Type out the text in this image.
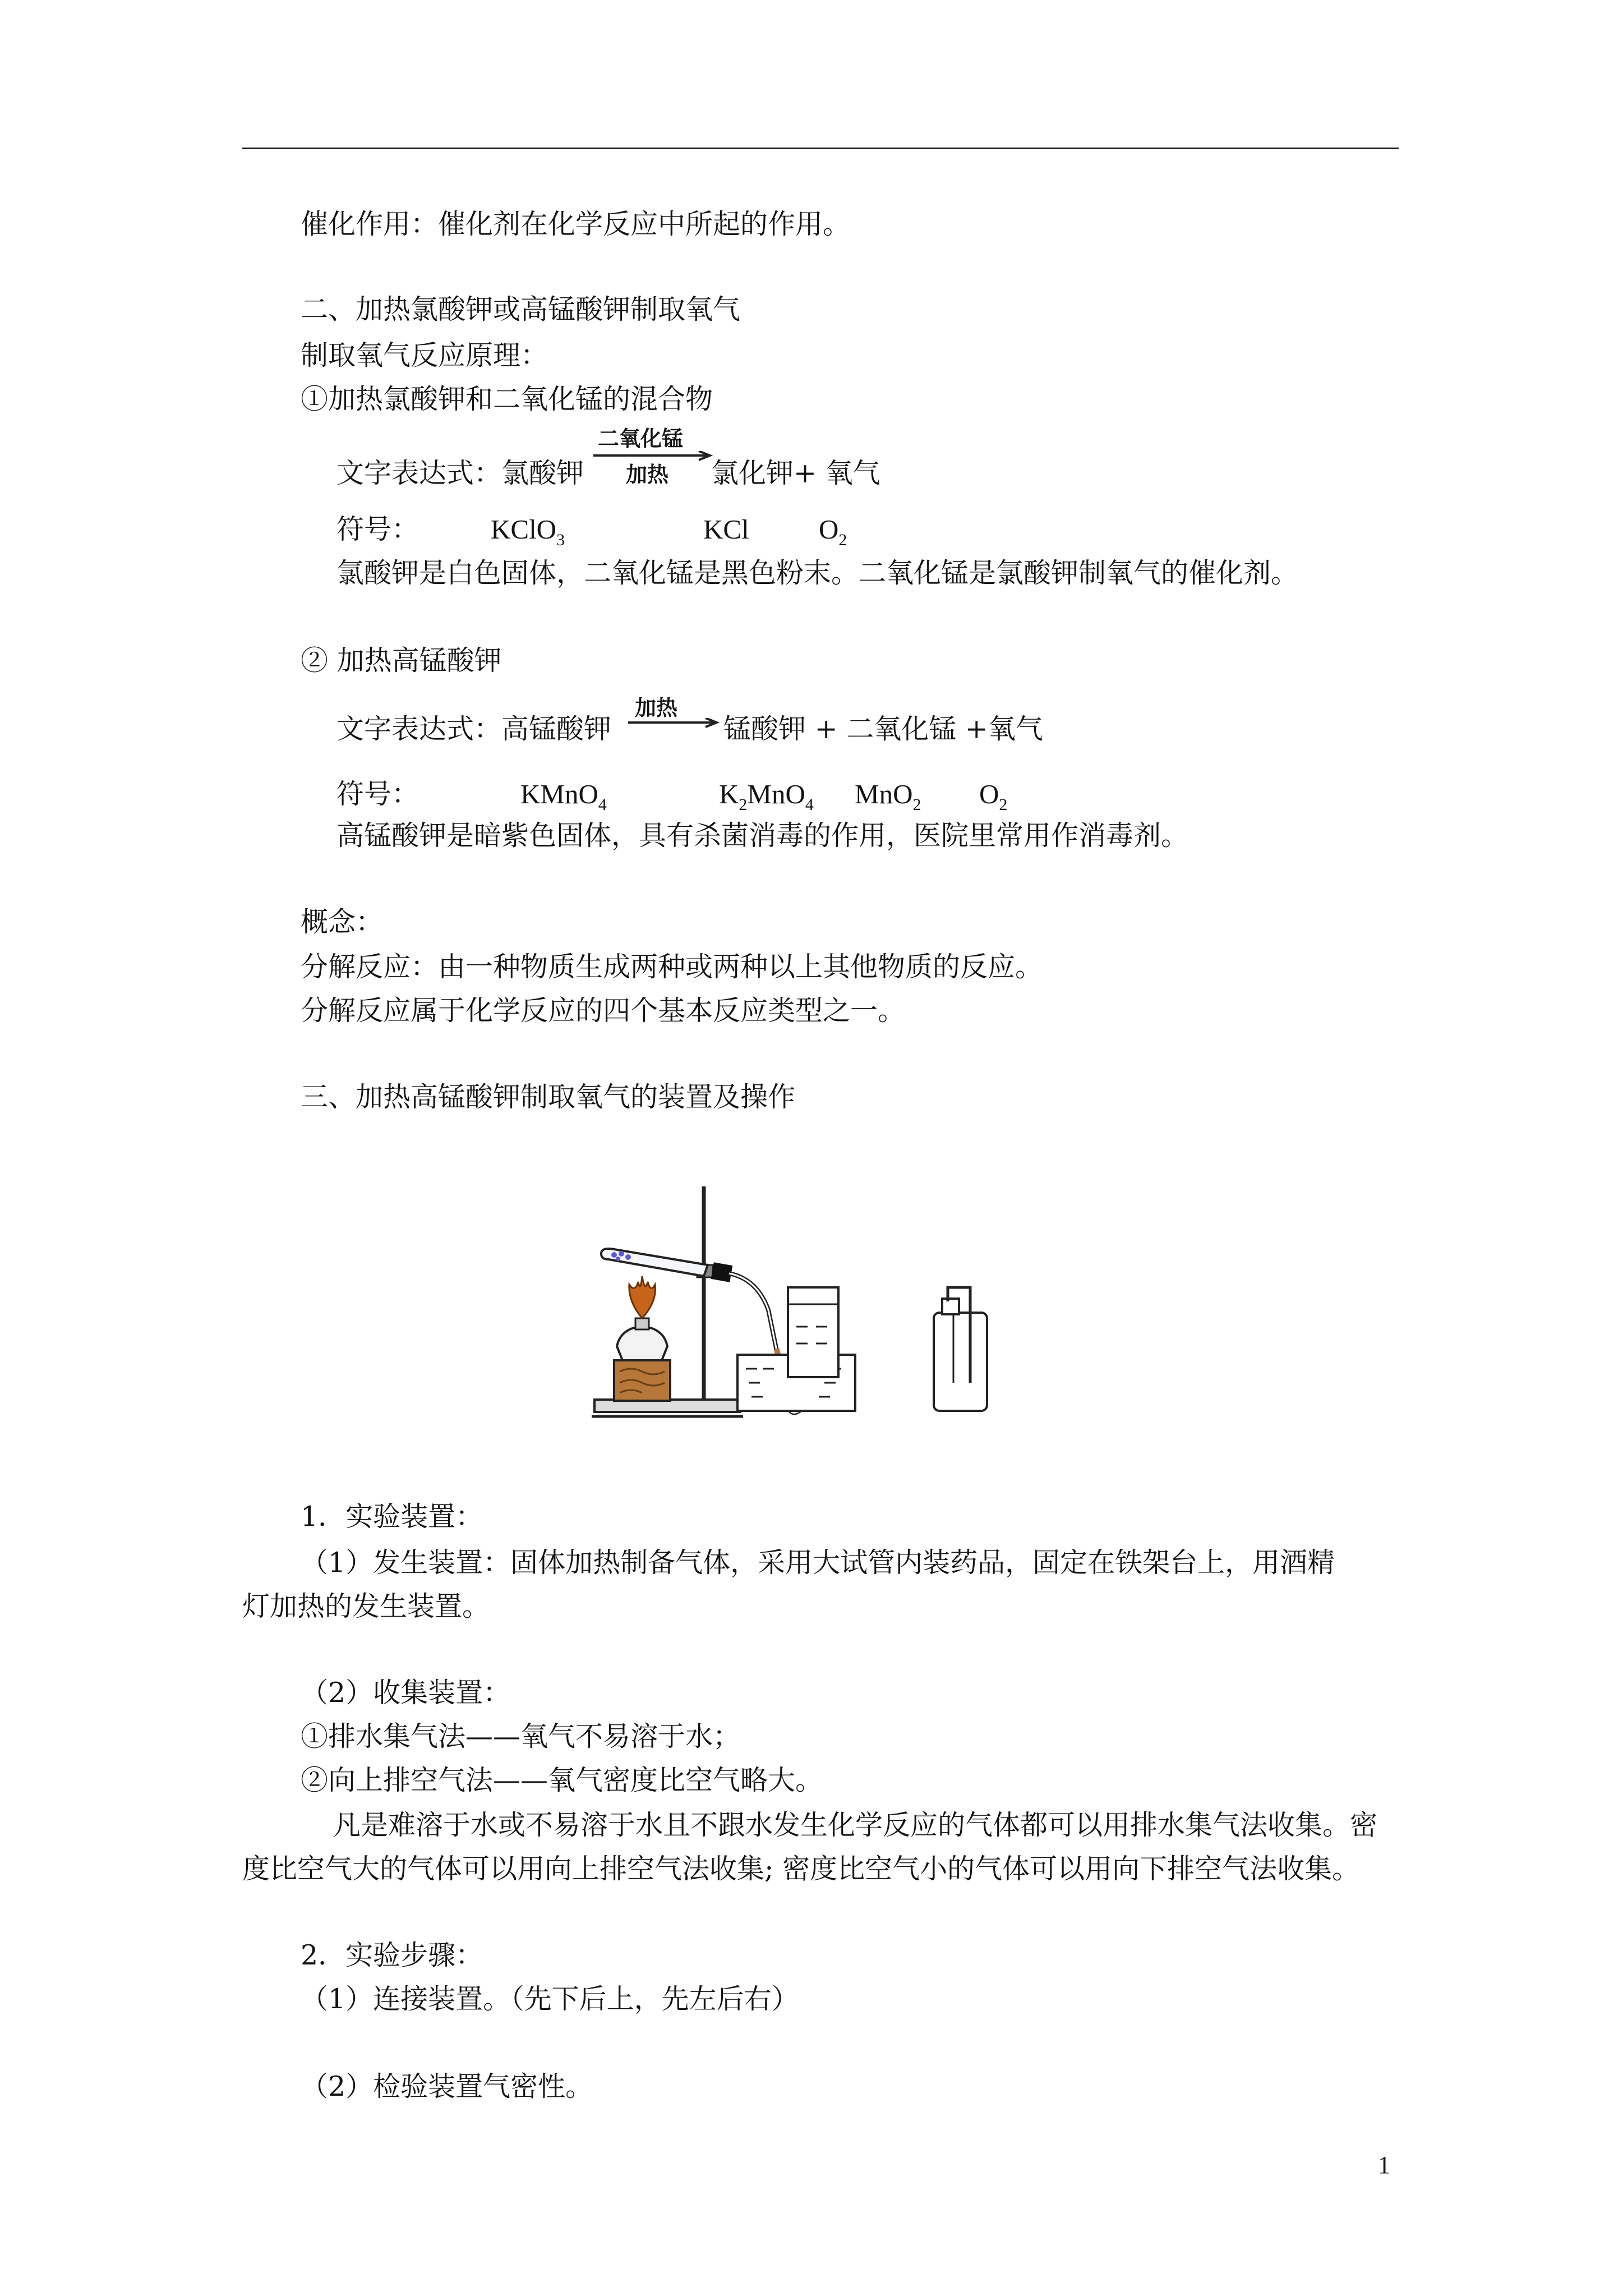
催化作用：催化剂在化学反应中所起的作用。
二、加热氯酸钾或高锰酸钾制取氧气
制取氧气反应原理：
①加热氯酸钾和二氧化锰的混合物
文字表达式：氯酸钾
二氧化锰
加热 氯化钾+ 氧气
符号：	KClO$_3$	KCl	$O_2$
氯酸钾是白色固体，二氧化锰是黑色粉末。二氧化锰是氯酸钾制氧气的催化剂。
② 加热高锰酸钾
文字表达式：高锰酸钾
加热
锰酸钾 + 二氧化锰 +氧气
符号：	KMnO$_4$	$K_2MnO_4$ MnO$_2$ $O_2$
高锰酸钾是暗紫色固体，具有杀菌消毒的作用，医院里常用作消毒剂。
概念：
分解反应：由一种物质生成两种或两种以上其他物质的反应。
分解反应属于化学反应的四个基本反应类型之一。
三、加热高锰酸钾制取氧气的装置及操作
1．实验装置：
（1）发生装置：固体加热制备气体，采用大试管内装药品，固定在铁架台上，用酒精
灯加热的发生装置。
（2）收集装置：
①排水集气法——氧气不易溶于水；
②向上排空气法——氧气密度比空气略大。
凡是难溶于水或不易溶于水且不跟水发生化学反应的气体都可以用排水集气法收集。密
度比空气大的气体可以用向上排空气法收集; 密度比空气小的气体可以用向下排空气法收集。
2．实验步骤：
（1）连接装置。（先下后上，先左后右）
（2）检验装置气密性。
1
